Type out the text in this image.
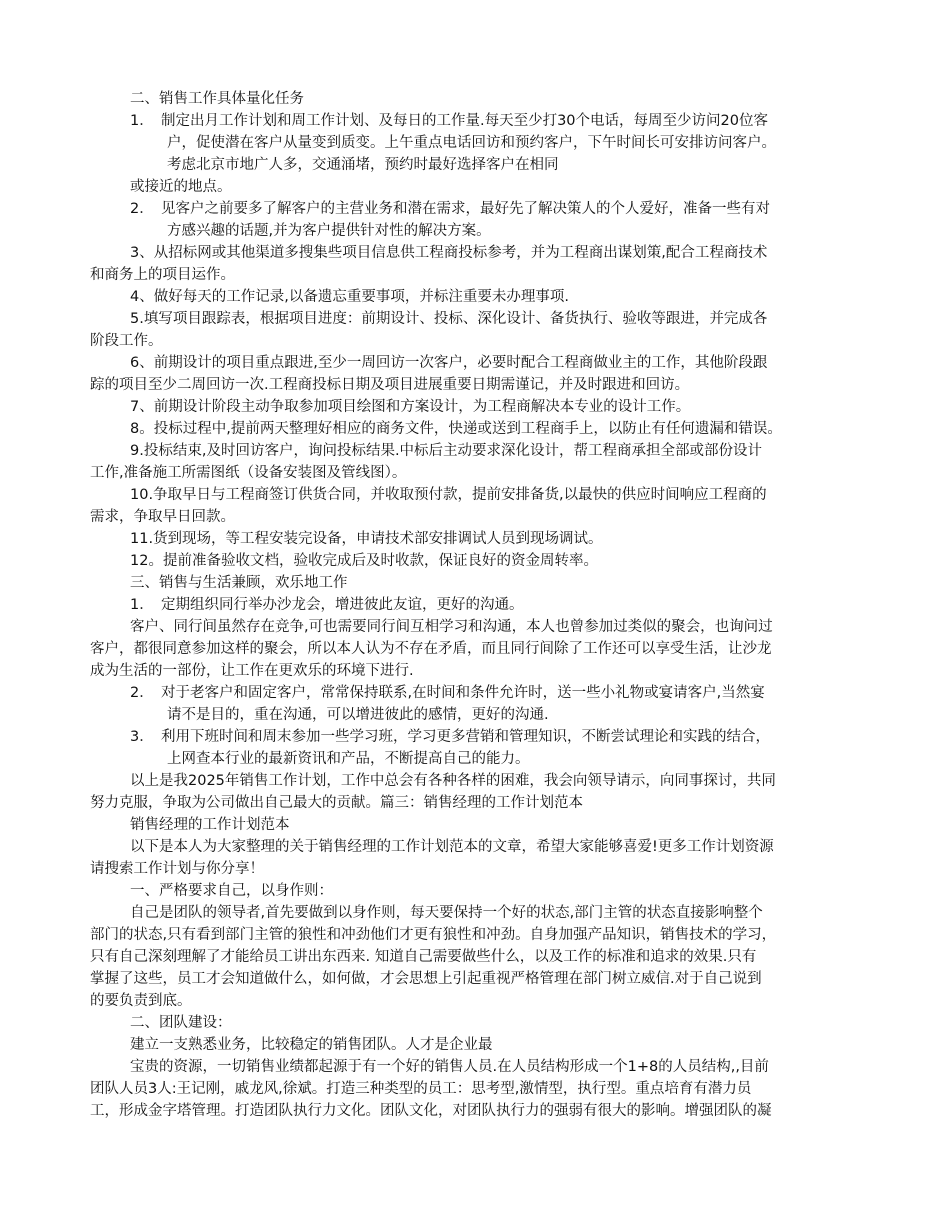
二、销售工作具体量化任务
1．　制定出月工作计划和周工作计划、及每日的工作量.每天至少打30个电话，每周至少访问20位客
户，促使潜在客户从量变到质变。上午重点电话回访和预约客户，下午时间长可安排访问客户。
考虑北京市地广人多，交通涌堵，预约时最好选择客户在相同
或接近的地点。
2．　见客户之前要多了解客户的主营业务和潜在需求，最好先了解决策人的个人爱好，准备一些有对
方感兴趣的话题,并为客户提供针对性的解决方案。
3、从招标网或其他渠道多搜集些项目信息供工程商投标参考，并为工程商出谋划策,配合工程商技术
和商务上的项目运作。
4、做好每天的工作记录,以备遗忘重要事项，并标注重要未办理事项.
5.填写项目跟踪表，根据项目进度：前期设计、投标、深化设计、备货执行、验收等跟进，并完成各
阶段工作。
6、前期设计的项目重点跟进,至少一周回访一次客户，必要时配合工程商做业主的工作，其他阶段跟
踪的项目至少二周回访一次.工程商投标日期及项目进展重要日期需谨记，并及时跟进和回访。
7、前期设计阶段主动争取参加项目绘图和方案设计，为工程商解决本专业的设计工作。
8。投标过程中,提前两天整理好相应的商务文件，快递或送到工程商手上，以防止有任何遗漏和错误。
9.投标结束,及时回访客户，询问投标结果.中标后主动要求深化设计，帮工程商承担全部或部份设计
工作,准备施工所需图纸（设备安装图及管线图）。
10.争取早日与工程商签订供货合同，并收取预付款，提前安排备货,以最快的供应时间响应工程商的
需求，争取早日回款。
11.货到现场，等工程安装完设备，申请技术部安排调试人员到现场调试。
12。提前准备验收文档，验收完成后及时收款，保证良好的资金周转率。
三、销售与生活兼顾，欢乐地工作
1．　定期组织同行举办沙龙会，增进彼此友谊，更好的沟通。
客户、同行间虽然存在竞争,可也需要同行间互相学习和沟通，本人也曾参加过类似的聚会，也询问过
客户，都很同意参加这样的聚会，所以本人认为不存在矛盾，而且同行间除了工作还可以享受生活，让沙龙
成为生活的一部份，让工作在更欢乐的环境下进行.
2．　对于老客户和固定客户，常常保持联系,在时间和条件允许时，送一些小礼物或宴请客户,当然宴
请不是目的，重在沟通，可以增进彼此的感情，更好的沟通.
3．　利用下班时间和周末参加一些学习班，学习更多营销和管理知识，不断尝试理论和实践的结合，
上网查本行业的最新资讯和产品，不断提高自己的能力。
以上是我2025年销售工作计划，工作中总会有各种各样的困难，我会向领导请示，向同事探讨，共同
努力克服，争取为公司做出自己最大的贡献。篇三：销售经理的工作计划范本
销售经理的工作计划范本
以下是本人为大家整理的关于销售经理的工作计划范本的文章，希望大家能够喜爱!更多工作计划资源
请搜索工作计划与你分享！
一、严格要求自己，以身作则：
自己是团队的领导者,首先要做到以身作则，每天要保持一个好的状态,部门主管的状态直接影响整个
部门的状态,只有看到部门主管的狼性和冲劲他们才更有狼性和冲劲。自身加强产品知识，销售技术的学习，
只有自己深刻理解了才能给员工讲出东西来. 知道自己需要做些什么，以及工作的标准和追求的效果.只有
掌握了这些，员工才会知道做什么，如何做，才会思想上引起重视严格管理在部门树立威信.对于自己说到
的要负责到底。
二、团队建设：
建立一支熟悉业务，比较稳定的销售团队。人才是企业最
宝贵的资源，一切销售业绩都起源于有一个好的销售人员.在人员结构形成一个1+8的人员结构,,目前
团队人员3人:王记刚，戚龙风,徐斌。打造三种类型的员工：思考型,激情型，执行型。重点培育有潜力员
工，形成金字塔管理。打造团队执行力文化。团队文化，对团队执行力的强弱有很大的影响。增强团队的凝
